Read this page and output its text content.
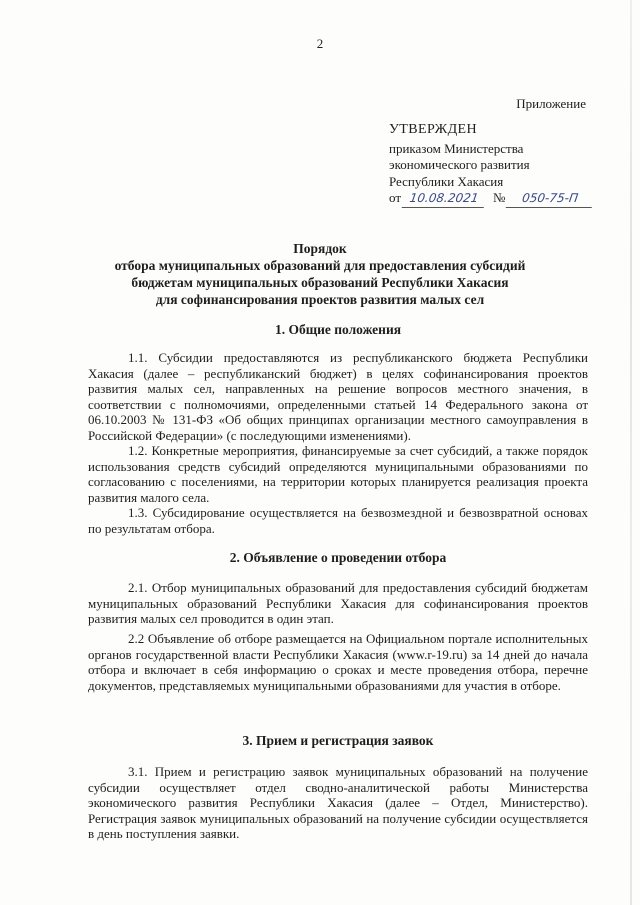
2
Приложение
УТВЕРЖДЕН
приказом Министерства
экономического развития
Республики Хакасия
от 10.08.2021	№	050-75-П
Порядок
отбора муниципальных образований для предоставления субсидий
бюджетам муниципальных образований Республики Хакасия
для софинансирования проектов развития малых сел
1. Общие положения
1.1. Субсидии предоставляются из республиканского бюджета Республики Хакасия (далее – республиканский бюджет) в целях софинансирования проектов развития малых сел, направленных на решение вопросов местного значения, в соответствии с полномочиями, определенными статьей 14 Федерального закона от 06.10.2003 № 131-ФЗ «Об общих принципах организации местного самоуправления в Российской Федерации» (с последующими изменениями).
1.2. Конкретные мероприятия, финансируемые за счет субсидий, а также порядок использования средств субсидий определяются муниципальными образованиями по согласованию с поселениями, на территории которых планируется реализация проекта развития малого села.
1.3. Субсидирование осуществляется на безвозмездной и безвозвратной основах по результатам отбора.
2. Объявление о проведении отбора
2.1. Отбор муниципальных образований для предоставления субсидий бюджетам муниципальных образований Республики Хакасия для софинансирования проектов развития малых сел проводится в один этап.
2.2 Объявление об отборе размещается на Официальном портале исполнительных органов государственной власти Республики Хакасия (www.r-19.ru) за 14 дней до начала отбора и включает в себя информацию о сроках и месте проведения отбора, перечне документов, представляемых муниципальными образованиями для участия в отборе.
3. Прием и регистрация заявок
3.1. Прием и регистрацию заявок муниципальных образований на получение субсидии осуществляет отдел сводно-аналитической работы Министерства экономического развития Республики Хакасия (далее – Отдел, Министерство). Регистрация заявок муниципальных образований на получение субсидии осуществляется в день поступления заявки.
